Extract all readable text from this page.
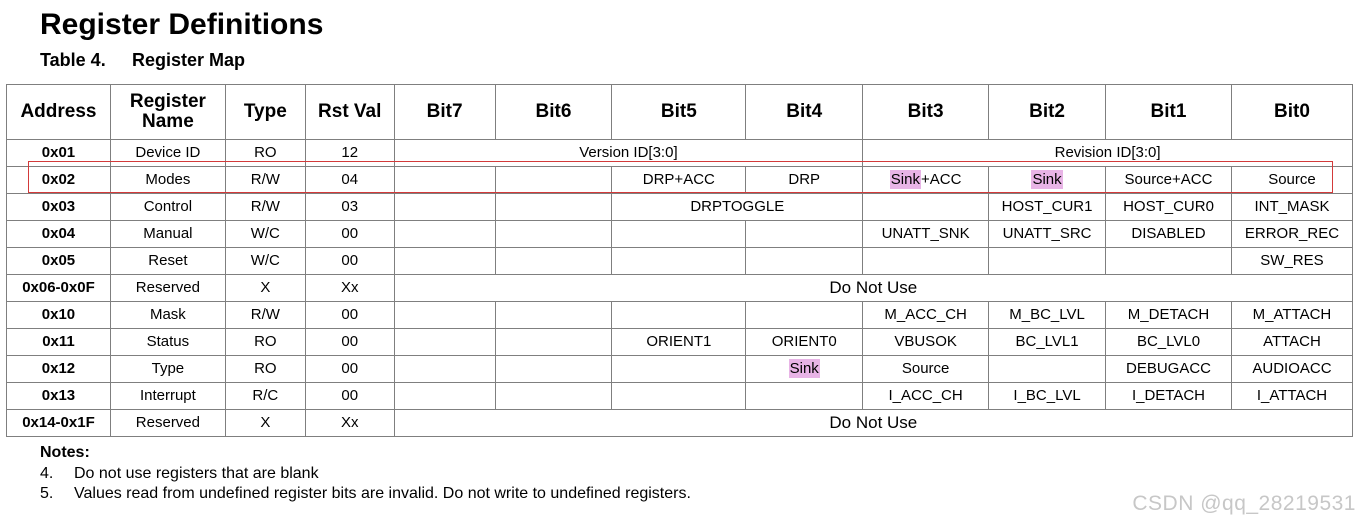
Register Definitions
Table 4. Register Map
Address	Register Name	Type	Rst Val	Bit7	Bit6	Bit5	Bit4	Bit3	Bit2	Bit1	Bit0
0x01	Device ID	RO	12	Version ID[3:0]				Revision ID[3:0]			
0x02	Modes	R/W	04			DRP+ACC	DRP	Sink+ACC	Sink	Source+ACC	Source
0x03	Control	R/W	03			DRPTOGGLE			HOST_CUR1	HOST_CUR0	INT_MASK
0x04	Manual	W/C	00					UNATT_SNK	UNATT_SRC	DISABLED	ERROR_REC
0x05	Reset	W/C	00								SW_RES
0x06-0x0F	Reserved	X	Xx	Do Not Use							
0x10	Mask	R/W	00					M_ACC_CH	M_BC_LVL	M_DETACH	M_ATTACH
0x11	Status	RO	00			ORIENT1	ORIENT0	VBUSOK	BC_LVL1	BC_LVL0	ATTACH
0x12	Type	RO	00				Sink	Source		DEBUGACC	AUDIOACC
0x13	Interrupt	R/C	00					I_ACC_CH	I_BC_LVL	I_DETACH	I_ATTACH
0x14-0x1F	Reserved	X	Xx	Do Not Use							
Notes:
4. Do not use registers that are blank
5. Values read from undefined register bits are invalid. Do not write to undefined registers.	CSDN @qq_28219531
